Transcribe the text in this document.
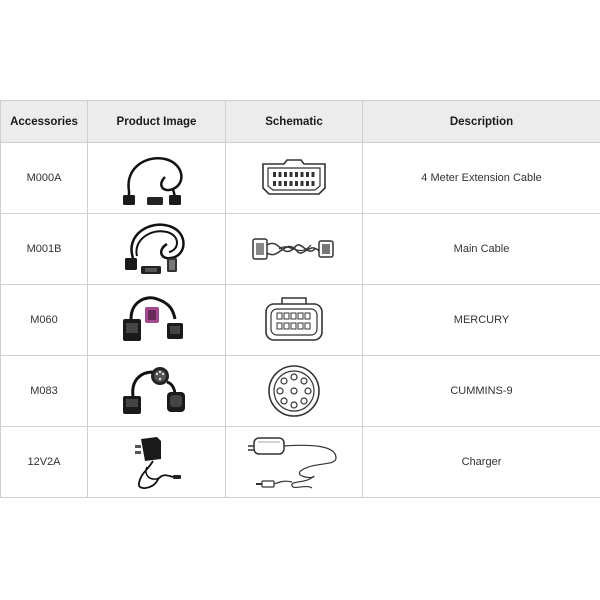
Accessories	Product Image	Schematic	Description
M000A			4 Meter Extension Cable
M001B			Main Cable
M060			MERCURY
M083			CUMMINS-9
12V2A			Charger
